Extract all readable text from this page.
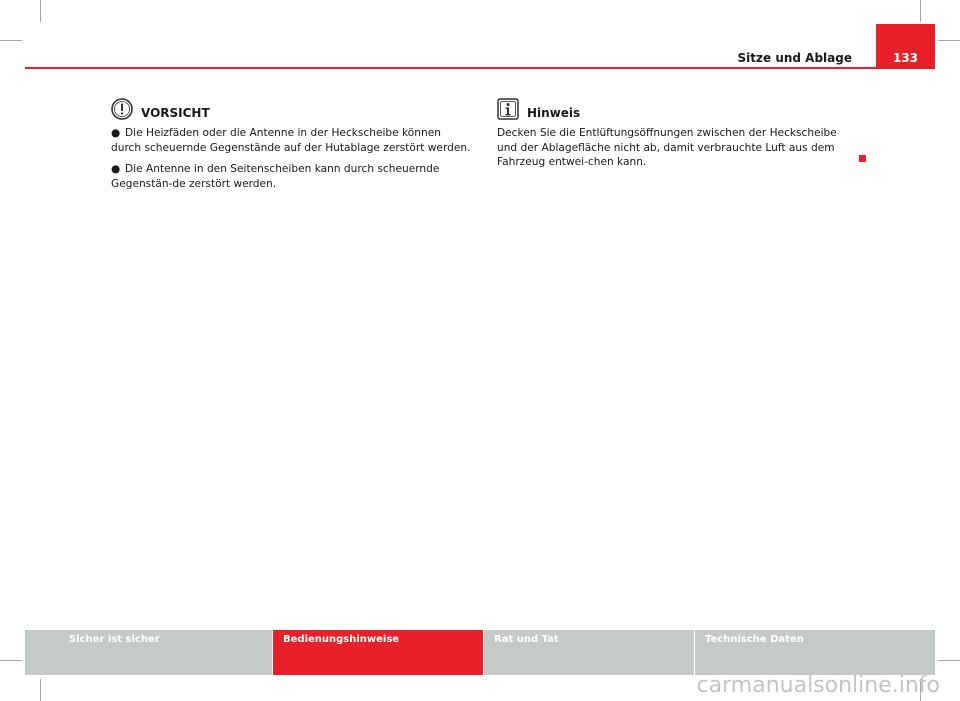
133
Sitze und Ablage
VORSICHT

● Die Heizfäden oder die Antenne in der Heckscheibe können durch scheuernde Gegenstände auf der Hutablage zerstört werden.

● Die Antenne in den Seitenscheiben kann durch scheuernde Gegenstän-de zerstört werden.

Hinweis

Decken Sie die Entlüftungsöffnungen zwischen der Heckscheibe und der Ablagefläche nicht ab, damit verbrauchte Luft aus dem Fahrzeug entwei-chen kann.

Sicher ist sicher	Bedienungshinweise	Rat und Tat	Technische Daten
carmanualsonline.info
